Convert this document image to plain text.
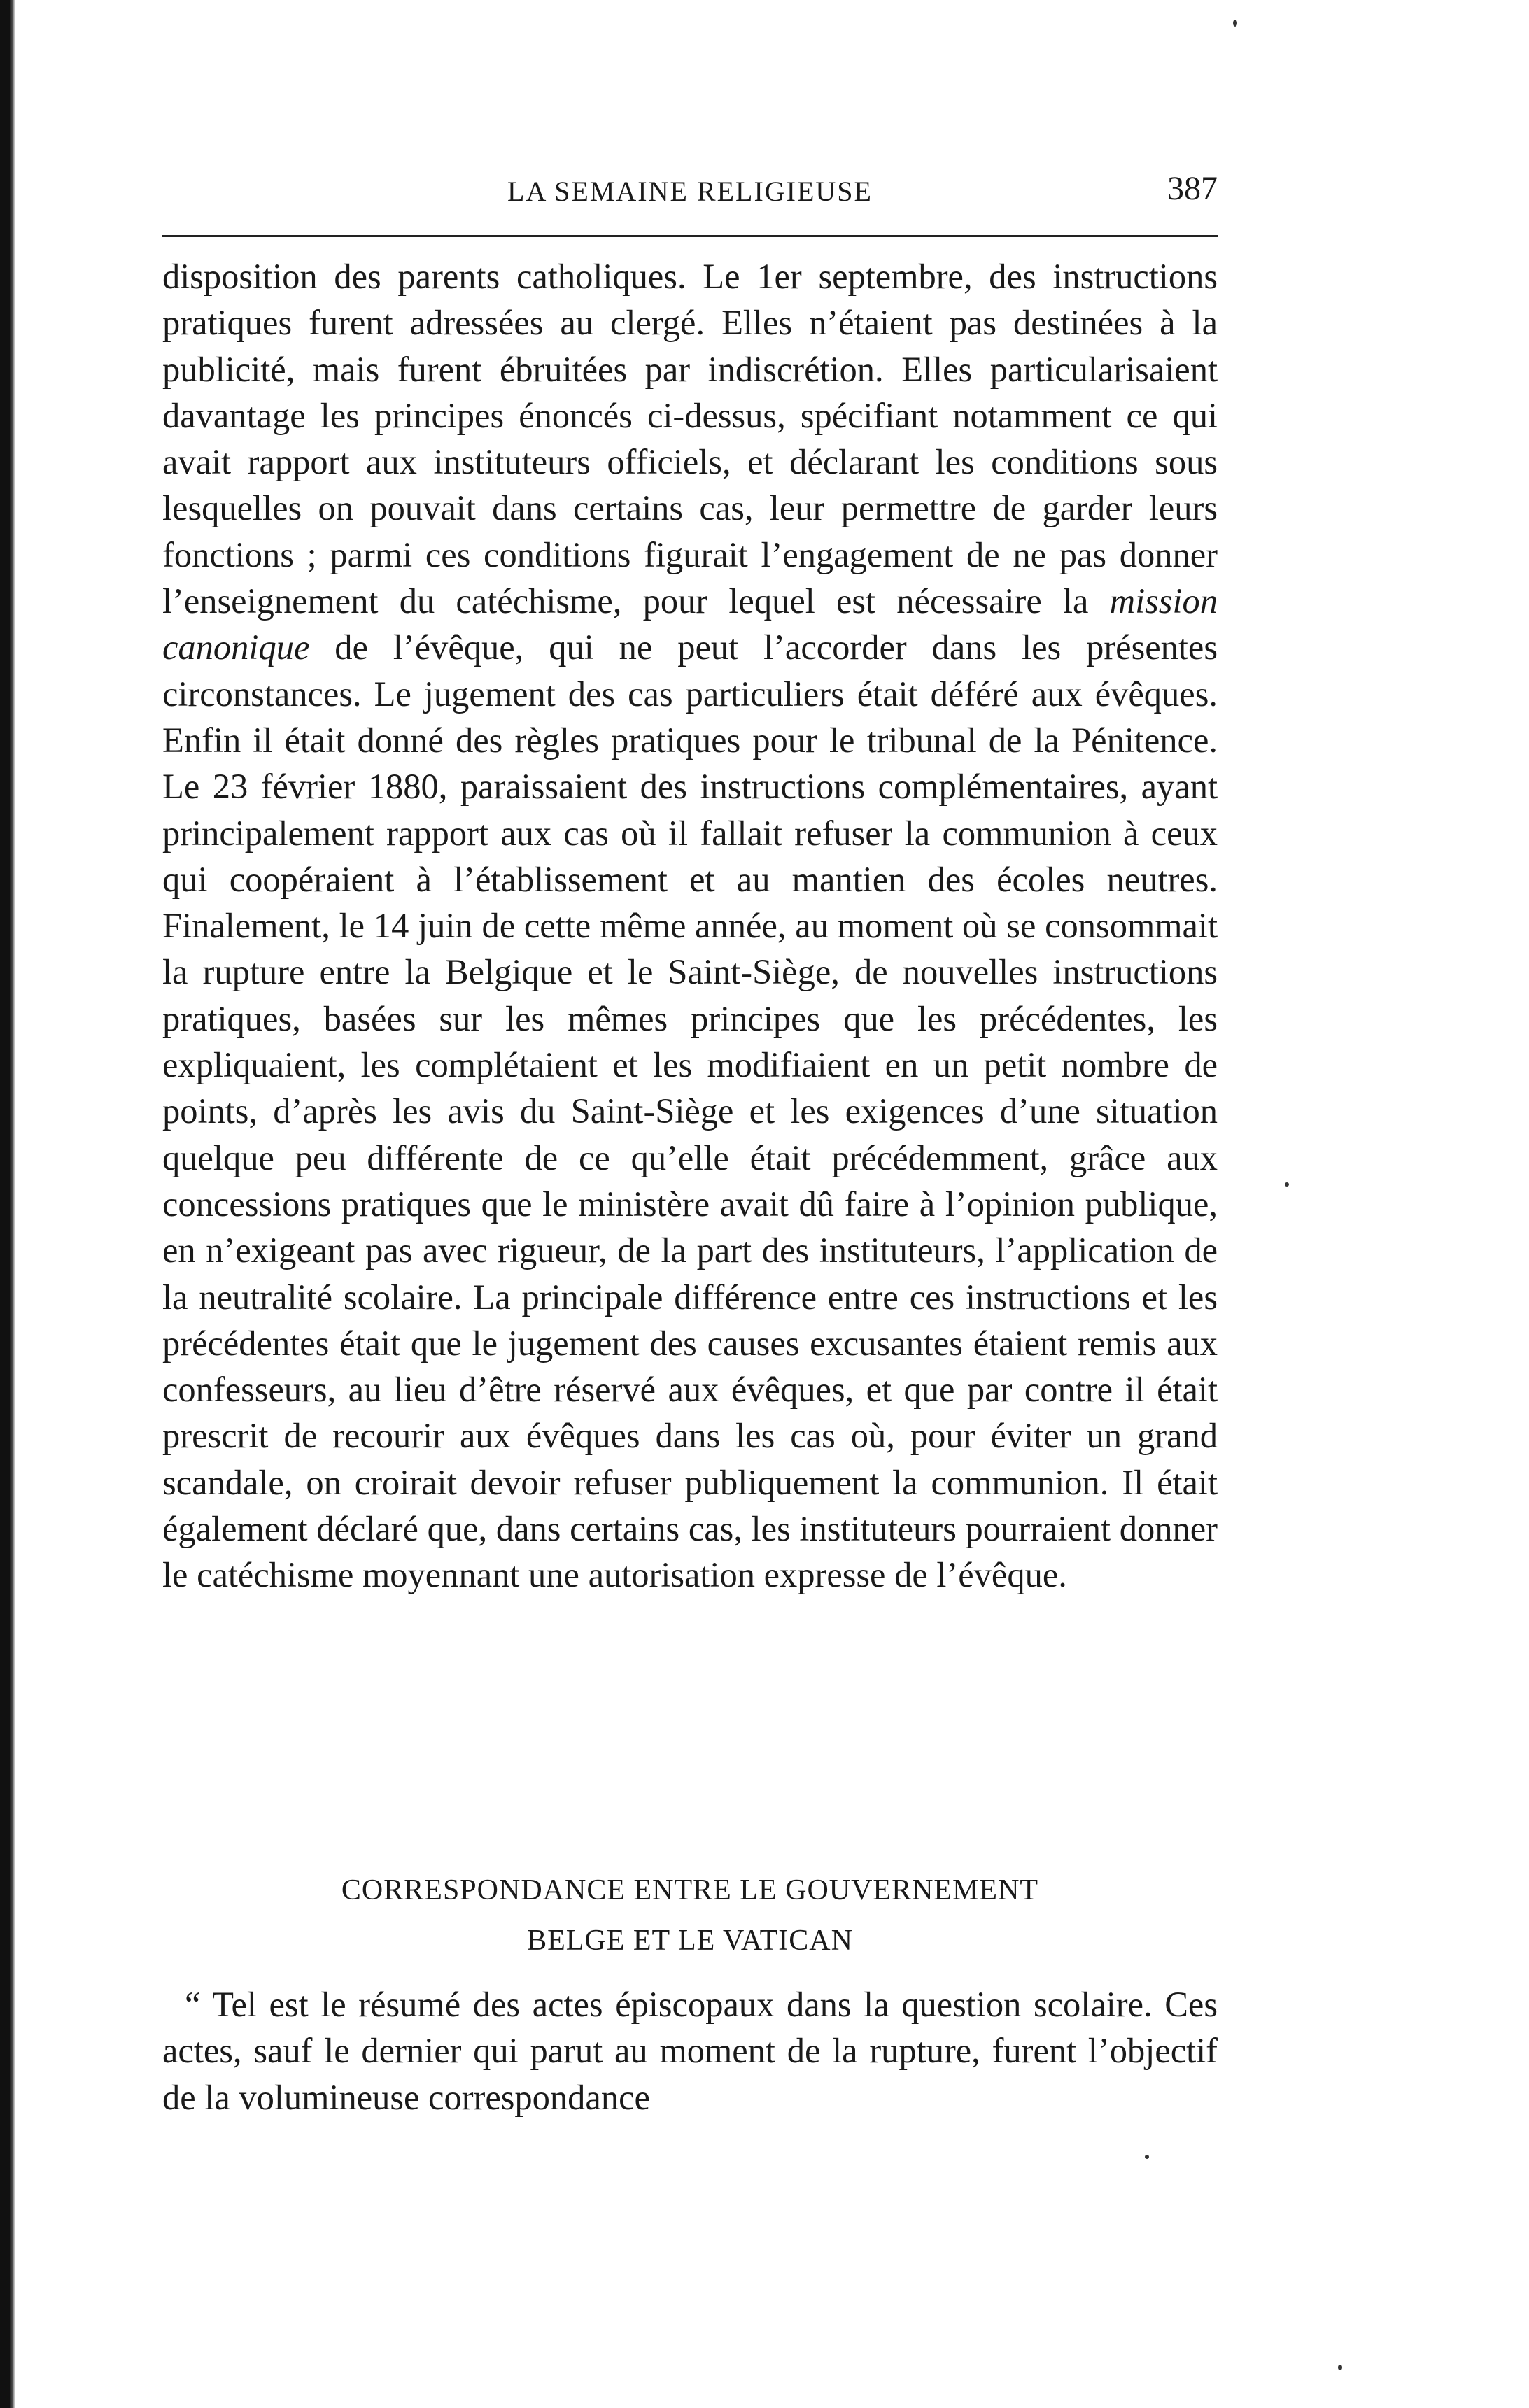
LA SEMAINE RELIGIEUSE	387

disposition des parents catholiques. Le 1er septembre, des instructions pratiques furent adressées au clergé. Elles n’étaient pas destinées à la publicité, mais furent ébruitées par indiscrétion. Elles particularisaient davantage les principes énoncés ci-dessus, spécifiant notamment ce qui avait rapport aux instituteurs officiels, et déclarant les conditions sous lesquelles on pouvait dans certains cas, leur permettre de garder leurs fonctions ; parmi ces conditions figurait l’engagement de ne pas donner l’enseignement du catéchisme, pour lequel est nécessaire la mission canonique de l’évêque, qui ne peut l’accorder dans les présentes circonstances. Le jugement des cas particuliers était déféré aux évêques. Enfin il était donné des règles pratiques pour le tribunal de la Pénitence. Le 23 février 1880, paraissaient des instructions complémentaires, ayant principalement rapport aux cas où il fallait refuser la communion à ceux qui coopéraient à l’établissement et au mantien des écoles neutres. Finalement, le 14 juin de cette même année, au moment où se consommait la rupture entre la Belgique et le Saint-Siège, de nouvelles instructions pratiques, basées sur les mêmes principes que les précédentes, les expliquaient, les complétaient et les modifiaient en un petit nombre de points, d’après les avis du Saint-Siège et les exigences d’une situation quelque peu différente de ce qu’elle était précédemment, grâce aux concessions pratiques que le ministère avait dû faire à l’opinion publique, en n’exigeant pas avec rigueur, de la part des instituteurs, l’application de la neutralité scolaire. La principale différence entre ces instructions et les précédentes était que le jugement des causes excusantes étaient remis aux confesseurs, au lieu d’être réservé aux évêques, et que par contre il était prescrit de recourir aux évêques dans les cas où, pour éviter un grand scandale, on croirait devoir refuser publiquement la communion. Il était également déclaré que, dans certains cas, les instituteurs pourraient donner le catéchisme moyennant une autorisation expresse de l’évêque.

CORRESPONDANCE ENTRE LE GOUVERNEMENT
BELGE ET LE VATICAN

“ Tel est le résumé des actes épiscopaux dans la question scolaire. Ces actes, sauf le dernier qui parut au moment de la rupture, furent l’objectif de la volumineuse correspondance
